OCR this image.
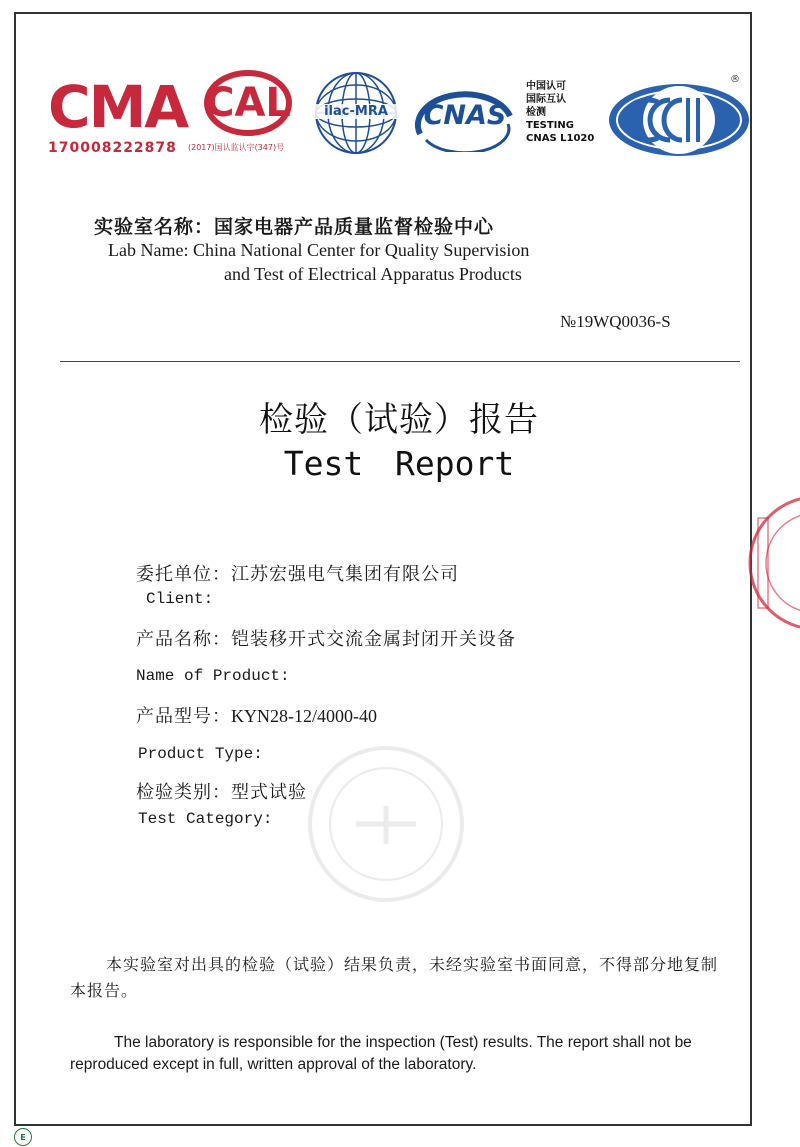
CMA
170008222878
CAL
(2017)国认监认字(347)号
ilac-MRA	CNAS
中国认可
国际互认
检测
TESTING
CNAS L1020
®
实验室名称：国家电器产品质量监督检验中心
Lab Name: China National Center for Quality Supervision
and Test of Electrical Apparatus Products
№19WQ0036-S
检验（试验）报告
Test Report
委托单位：江苏宏强电气集团有限公司
Client:
产品名称：铠装移开式交流金属封闭开关设备
Name of Product:
产品型号：KYN28-12/4000-40
Product Type:
检验类别：型式试验
Test Category:
本实验室对出具的检验（试验）结果负责，未经实验室书面同意，不得部分地复制本报告。
The laboratory is responsible for the inspection (Test) results. The report shall not be reproduced except in full, written approval of the laboratory.
E
